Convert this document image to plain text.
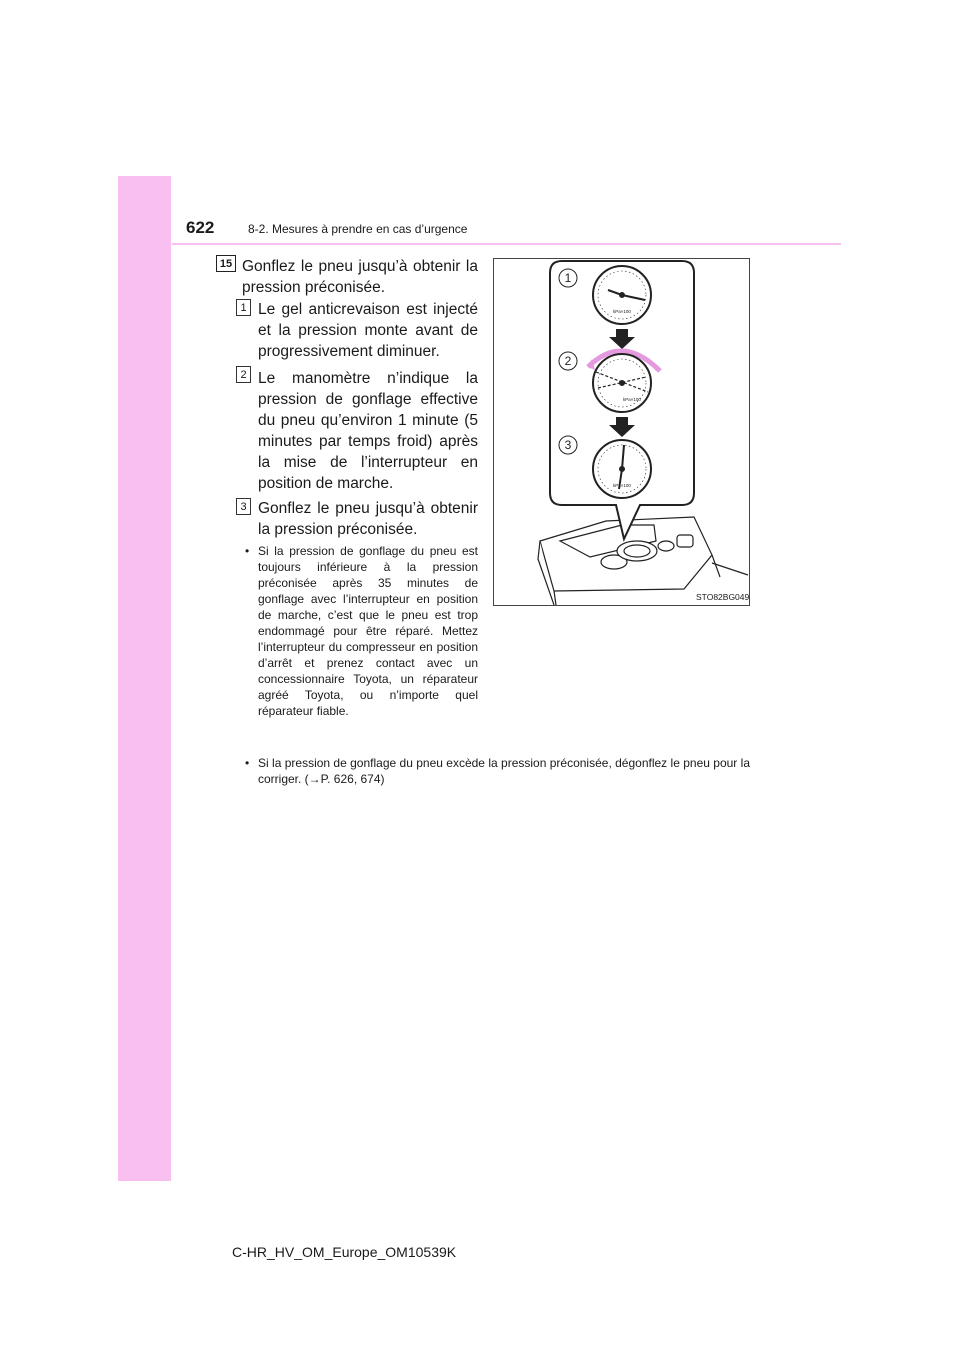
622	8-2. Mesures à prendre en cas d’urgence
15 Gonflez le pneu jusqu’à obtenir la pression préconisée.
1 Le gel anticrevaison est injecté et la pression monte avant de progressivement diminuer.
2 Le manomètre n’indique la pression de gonflage effective du pneu qu’environ 1 minute (5 minutes par temps froid) après la mise de l’interrupteur en position de marche.
3 Gonflez le pneu jusqu’à obtenir la pression préconisée.
• Si la pression de gonflage du pneu est toujours inférieure à la pression préconisée après 35 minutes de gonflage avec l’interrupteur en position de marche, c’est que le pneu est trop endommagé pour être réparé. Mettez l’interrupteur du compresseur en position d’arrêt et prenez contact avec un concessionnaire Toyota, un réparateur agréé Toyota, ou n’importe quel réparateur fiable.
• Si la pression de gonflage du pneu excède la pression préconisée, dégonflez le pneu pour la corriger. (→P. 626, 674)
1
2
3
kPa×100
kPa×100
kPa×100
STO82BG049
C-HR_HV_OM_Europe_OM10539K
